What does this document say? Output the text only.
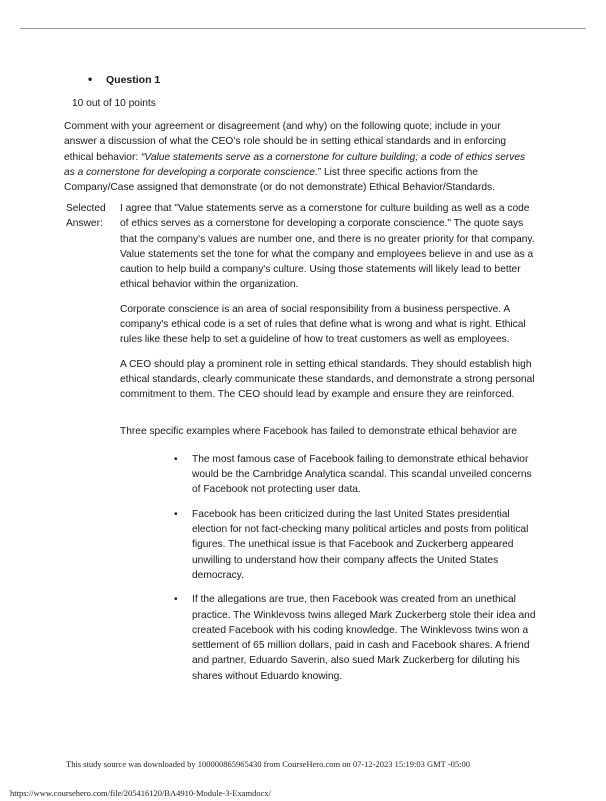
• Question 1
10 out of 10 points

Comment with your agreement or disagreement (and why) on the following quote; include in your answer a discussion of what the CEO’s role should be in setting ethical standards and in enforcing ethical behavior: “Value statements serve as a cornerstone for culture building; a code of ethics serves as a cornerstone for developing a corporate conscience.” List three specific actions from the Company/Case assigned that demonstrate (or do not demonstrate) Ethical Behavior/Standards.

Selected Answer:

I agree that "Value statements serve as a cornerstone for culture building as well as a code of ethics serves as a cornerstone for developing a corporate conscience." The quote says that the company's values are number one, and there is no greater priority for that company. Value statements set the tone for what the company and employees believe in and use as a caution to help build a company's culture. Using those statements will likely lead to better ethical behavior within the organization.

Corporate conscience is an area of social responsibility from a business perspective. A company's ethical code is a set of rules that define what is wrong and what is right. Ethical rules like these help to set a guideline of how to treat customers as well as employees.

A CEO should play a prominent role in setting ethical standards. They should establish high ethical standards, clearly communicate these standards, and demonstrate a strong personal commitment to them. The CEO should lead by example and ensure they are reinforced.

Three specific examples where Facebook has failed to demonstrate ethical behavior are

• The most famous case of Facebook failing to demonstrate ethical behavior would be the Cambridge Analytica scandal. This scandal unveiled concerns of Facebook not protecting user data.
• Facebook has been criticized during the last United States presidential election for not fact-checking many political articles and posts from political figures. The unethical issue is that Facebook and Zuckerberg appeared unwilling to understand how their company affects the United States democracy.
• If the allegations are true, then Facebook was created from an unethical practice. The Winklevoss twins alleged Mark Zuckerberg stole their idea and created Facebook with his coding knowledge. The Winklevoss twins won a settlement of 65 million dollars, paid in cash and Facebook shares. A friend and partner, Eduardo Saverin, also sued Mark Zuckerberg for diluting his shares without Eduardo knowing.
This study source was downloaded by 100000865965430 from CourseHero.com on 07-12-2023 15:19:03 GMT -05:00
https://www.coursehero.com/file/205416120/BA4910-Module-3-Examdocx/
